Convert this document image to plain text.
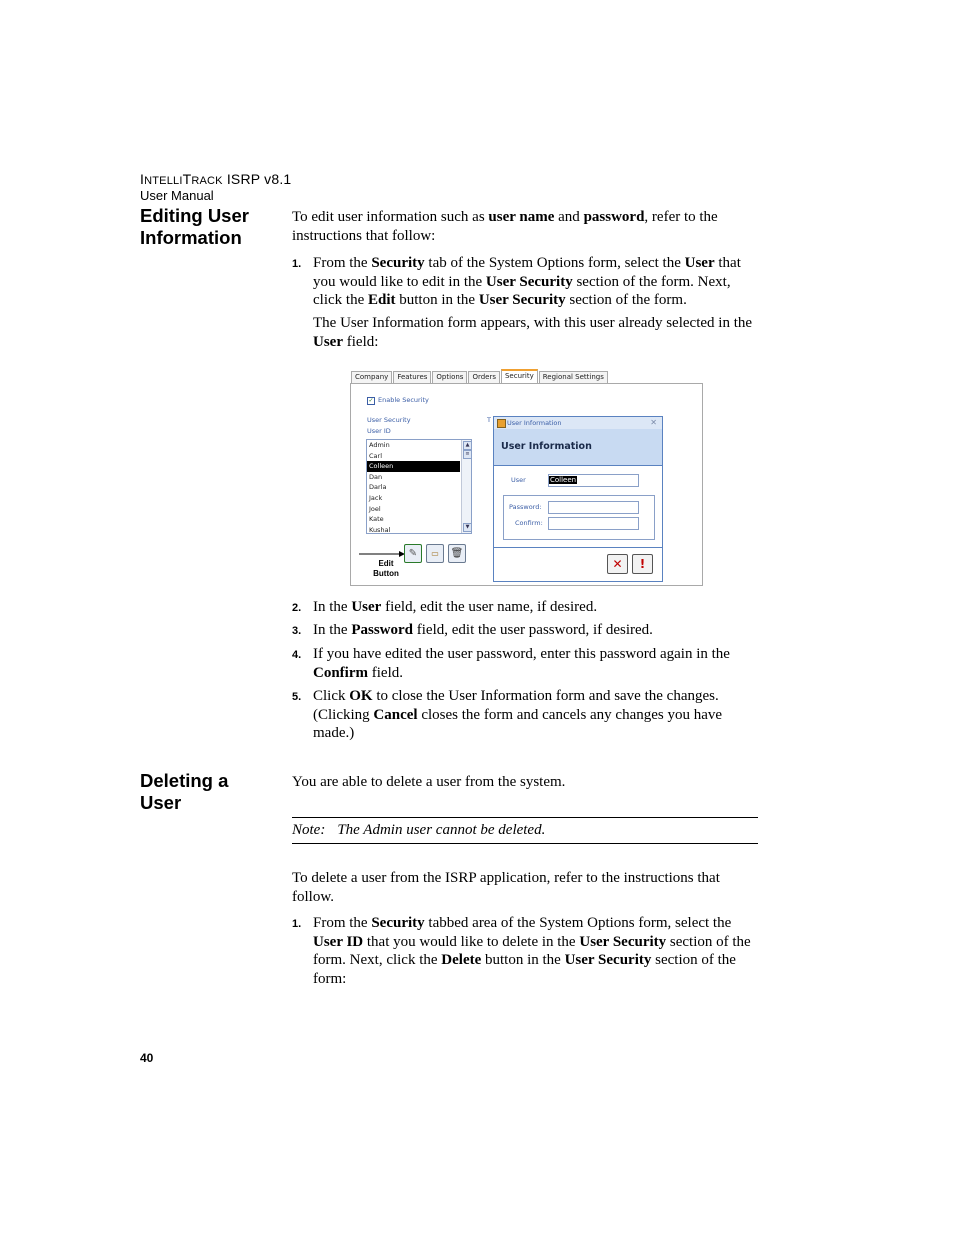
INTELLITRACK ISRP v8.1
User Manual
Editing User
Information
To edit user information such as user name and password, refer to the instructions that follow:
1. From the Security tab of the System Options form, select the User that you would like to edit in the User Security section of the form. Next, click the Edit button in the User Security section of the form.
The User Information form appears, with this user already selected in the User field:
Company	Features	Options	Orders	Security	Regional Settings
✓ Enable Security
User Security
User ID
T
Admin
Carl
Colleen
Dan
Darla
Jack
Joel
Kate
Kushal
▲
≡
▼
Edit
Button
✎	▭	🗑
User Information	✕
User Information
User	Colleen
Password:
Confirm:
✕	!
2. In the User field, edit the user name, if desired.
3. In the Password field, edit the user password, if desired.
4. If you have edited the user password, enter this password again in the Confirm field.
5. Click OK to close the User Information form and save the changes. (Clicking Cancel closes the form and cancels any changes you have made.)
Deleting a
User
You are able to delete a user from the system.
Note: The Admin user cannot be deleted.
To delete a user from the ISRP application, refer to the instructions that follow.
1. From the Security tabbed area of the System Options form, select the User ID that you would like to delete in the User Security section of the form. Next, click the Delete button in the User Security section of the form:
40
